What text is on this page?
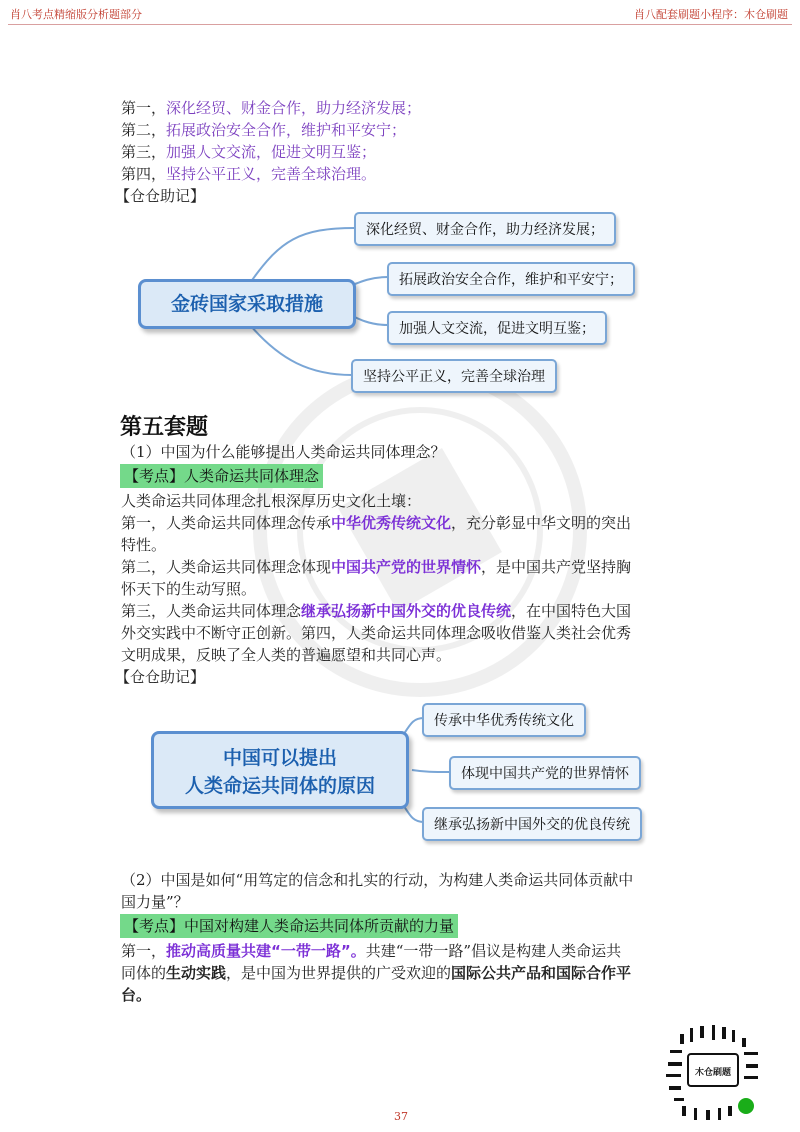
肖八考点精缩版分析题部分	肖八配套刷题小程序：木仓刷题
第一，深化经贸、财金合作，助力经济发展；
第二，拓展政治安全合作，维护和平安宁；
第三，加强人文交流，促进文明互鉴；
第四，坚持公平正义，完善全球治理。
【仓仓助记】
金砖国家采取措施
深化经贸、财金合作，助力经济发展；
拓展政治安全合作，维护和平安宁；
加强人文交流，促进文明互鉴；
坚持公平正义，完善全球治理
第五套题
（1）中国为什么能够提出人类命运共同体理念？
【考点】人类命运共同体理念
人类命运共同体理念扎根深厚历史文化土壤：
第一，人类命运共同体理念传承中华优秀传统文化，充分彰显中华文明的突出
特性。
第二，人类命运共同体理念体现中国共产党的世界情怀，是中国共产党坚持胸
怀天下的生动写照。
第三，人类命运共同体理念继承弘扬新中国外交的优良传统，在中国特色大国
外交实践中不断守正创新。第四，人类命运共同体理念吸收借鉴人类社会优秀
文明成果，反映了全人类的普遍愿望和共同心声。
【仓仓助记】
中国可以提出
人类命运共同体的原因
传承中华优秀传统文化
体现中国共产党的世界情怀
继承弘扬新中国外交的优良传统
（2）中国是如何“用笃定的信念和扎实的行动，为构建人类命运共同体贡献中
国力量”？
【考点】中国对构建人类命运共同体所贡献的力量
第一，推动高质量共建“一带一路”。共建“一带一路”倡议是构建人类命运共
同体的生动实践，是中国为世界提供的广受欢迎的国际公共产品和国际合作平
台。
木仓刷题
37
